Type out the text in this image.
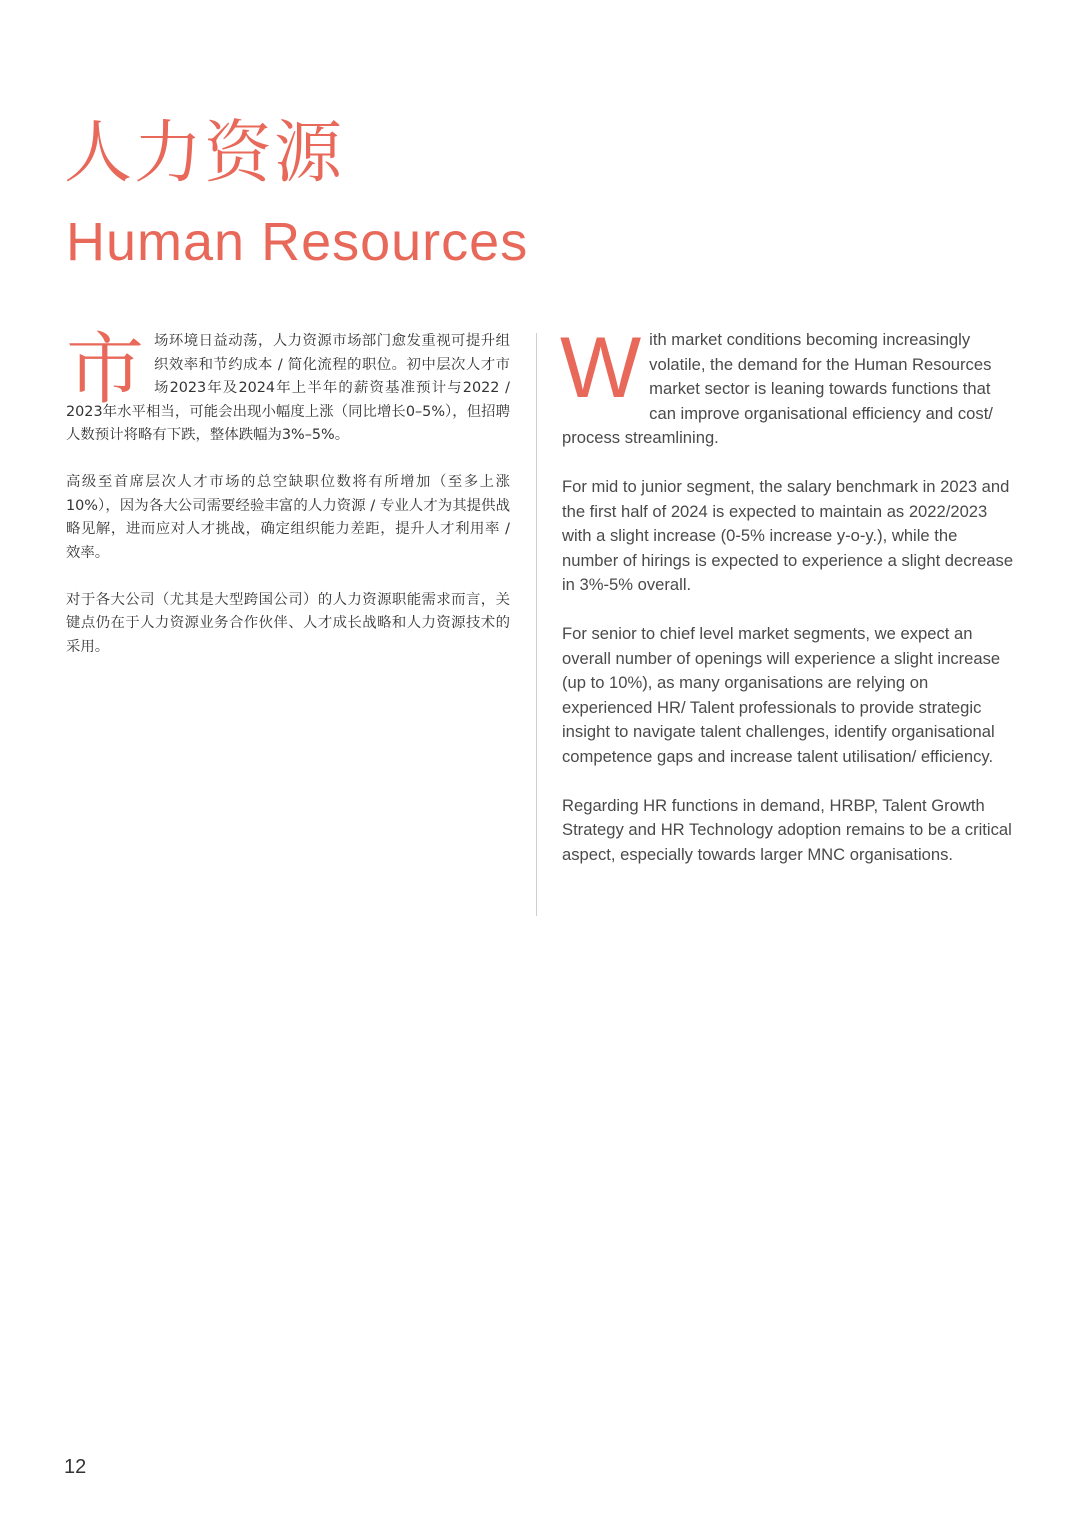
人力资源
Human Resources

市场环境日益动荡，人力资源市场部门愈发重视可提升组织效率和节约成本 / 简化流程的职位。初中层次人才市场2023年及2024年上半年的薪资基准预计与2022 / 2023年水平相当，可能会出现小幅度上涨（同比增长0–5%），但招聘人数预计将略有下跌，整体跌幅为3%–5%。

高级至首席层次人才市场的总空缺职位数将有所增加（至多上涨10%），因为各大公司需要经验丰富的人力资源 / 专业人才为其提供战略见解，进而应对人才挑战，确定组织能力差距，提升人才利用率 / 效率。

对于各大公司（尤其是大型跨国公司）的人力资源职能需求而言，关键点仍在于人力资源业务合作伙伴、人才成长战略和人力资源技术的采用。

With market conditions becoming increasingly volatile, the demand for the Human Resources market sector is leaning towards functions that can improve organisational efficiency and cost/ process streamlining.

For mid to junior segment, the salary benchmark in 2023 and the first half of 2024 is expected to maintain as 2022/2023 with a slight increase (0-5% increase y-o-y.), while the number of hirings is expected to experience a slight decrease in 3%-5% overall.

For senior to chief level market segments, we expect an overall number of openings will experience a slight increase (up to 10%), as many organisations are relying on experienced HR/ Talent professionals to provide strategic insight to navigate talent challenges, identify organisational competence gaps and increase talent utilisation/ efficiency.

Regarding HR functions in demand, HRBP, Talent Growth Strategy and HR Technology adoption remains to be a critical aspect, especially towards larger MNC organisations.

12
